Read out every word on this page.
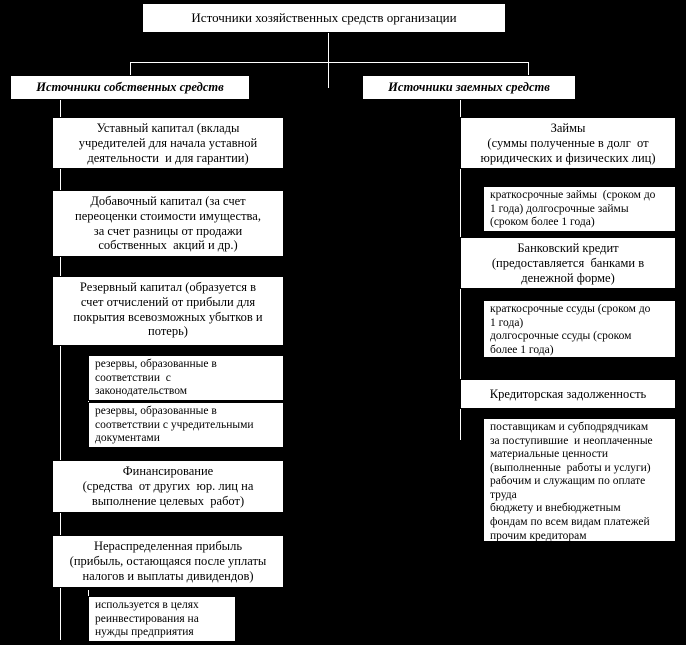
Источники хозяйственных средств организации
Источники собственных средств	Источники заемных средств
Уставный капитал (вклады
учредителей для начала уставной
деятельности  и для гарантии)
Добавочный капитал (за счет
переоценки стоимости имущества,
за счет разницы от продажи
собственных  акций и др.)
Резервный капитал (образуется в
счет отчислений от прибыли для
покрытия всевозможных убытков и
потерь)
резервы, образованные в
соответствии  с
законодательством
резервы, образованные в
соответствии с учредительными
документами
Финансирование
(средства  от других  юр. лиц на
выполнение целевых  работ)
Нераспределенная прибыль
(прибыль, остающаяся после уплаты
налогов и выплаты дивидендов)
используется в целях
реинвестирования на
нужды предприятия
Займы
(суммы полученные в долг  от
юридических и физических лиц)
краткосрочные займы  (сроком до
1 года) долгосрочные займы
(сроком более 1 года)
Банковский кредит
(предоставляется  банками в
денежной форме)
краткосрочные ссуды (сроком до
1 года)
долгосрочные ссуды (сроком
более 1 года)
Кредиторская задолженность
поставщикам и субподрядчикам
за поступившие  и неоплаченные
материальные ценности
(выполненные  работы и услуги)
рабочим и служащим по оплате
труда
бюджету и внебюджетным
фондам по всем видам платежей
прочим кредиторам
